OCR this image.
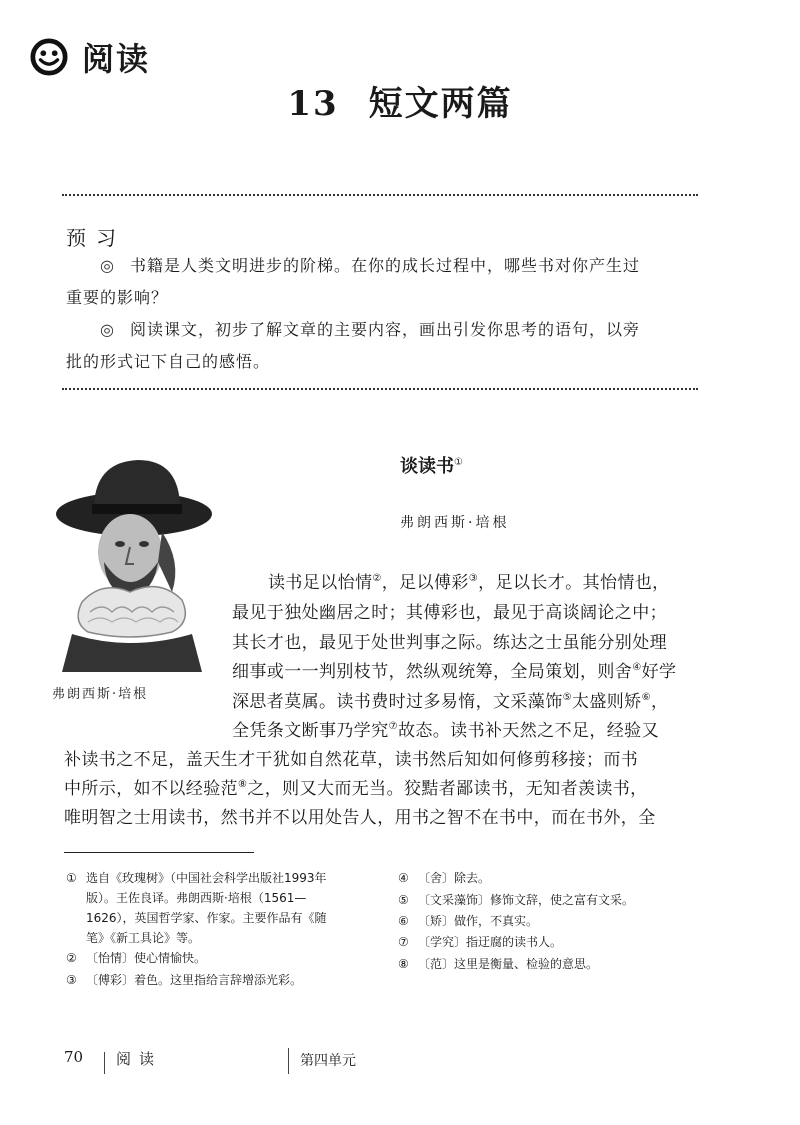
阅读
13 短文两篇
预习
◎ 书籍是人类文明进步的阶梯。在你的成长过程中，哪些书对你产生过
重要的影响？
◎ 阅读课文，初步了解文章的主要内容，画出引发你思考的语句，以旁
批的形式记下自己的感悟。
弗朗西斯·培根
谈读书①
弗朗西斯·培根
读书足以怡情②，足以傅彩③，足以长才。其怡情也，
最见于独处幽居之时；其傅彩也，最见于高谈阔论之中；
其长才也，最见于处世判事之际。练达之士虽能分别处理
细事或一一判别枝节，然纵观统筹，全局策划，则舍④好学
深思者莫属。读书费时过多易惰，文采藻饰⑤太盛则矫⑥，
全凭条文断事乃学究⑦故态。读书补天然之不足，经验又
补读书之不足，盖天生才干犹如自然花草，读书然后知如何修剪移接；而书
中所示，如不以经验范⑧之，则又大而无当。狡黠者鄙读书，无知者羡读书，
唯明智之士用读书，然书并不以用处告人，用书之智不在书中，而在书外，全
① 选自《玫瑰树》（中国社会科学出版社1993年
版）。王佐良译。弗朗西斯·培根（1561—
1626），英国哲学家、作家。主要作品有《随
笔》《新工具论》等。
② 〔怡情〕使心情愉快。
③ 〔傅彩〕着色。这里指给言辞增添光彩。
④ 〔舍〕除去。
⑤ 〔文采藻饰〕修饰文辞，使之富有文采。
⑥ 〔矫〕做作，不真实。
⑦ 〔学究〕指迂腐的读书人。
⑧ 〔范〕这里是衡量、检验的意思。
70 阅读	第四单元
